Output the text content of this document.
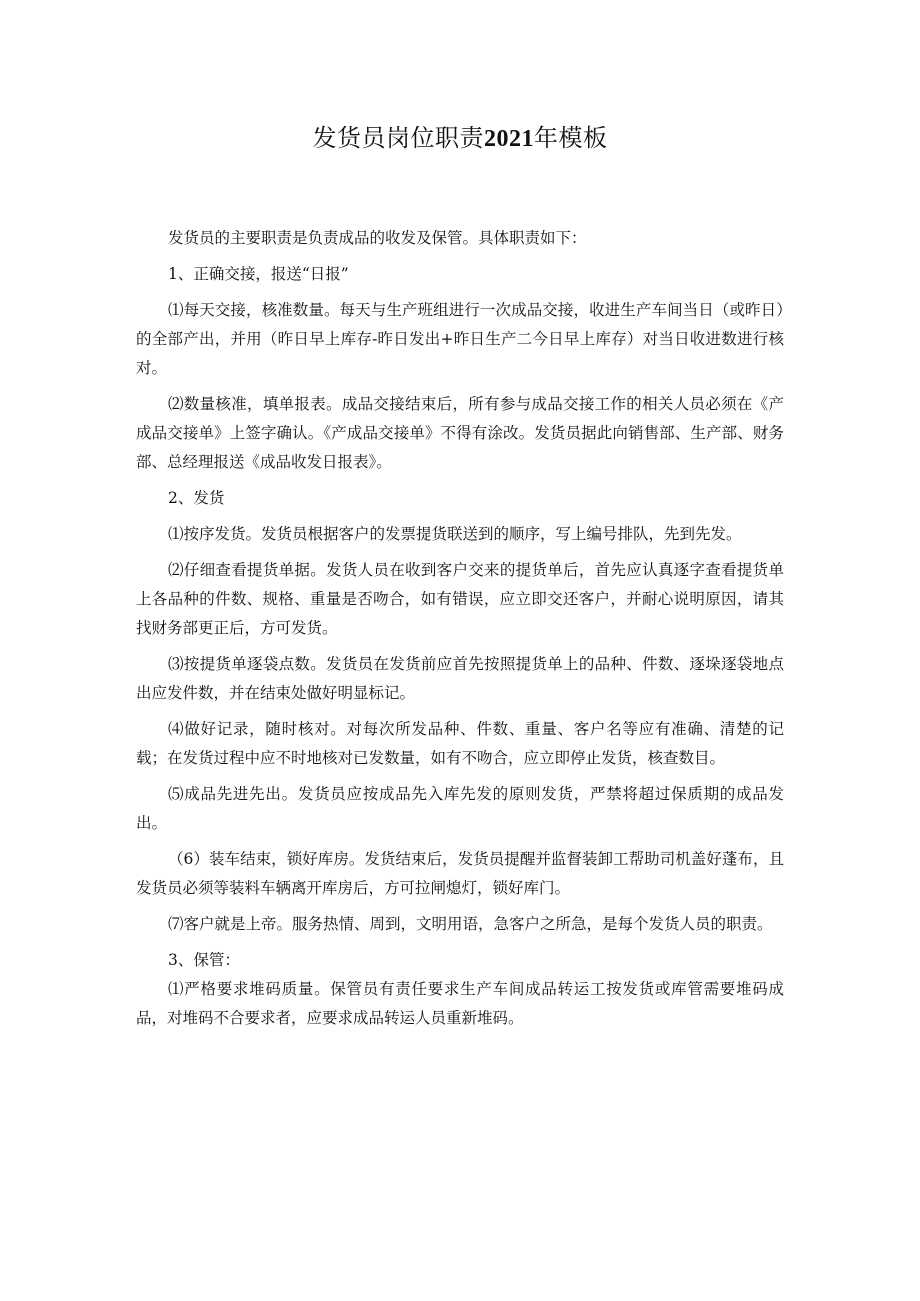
发货员岗位职责2021年模板

发货员的主要职责是负责成品的收发及保管。具体职责如下：

1、正确交接，报送“日报”

⑴每天交接，核准数量。每天与生产班组进行一次成品交接，收进生产车间当日（或昨日）的全部产出，并用（昨日早上库存-昨日发出+昨日生产二今日早上库存）对当日收进数进行核对。

⑵数量核准，填单报表。成品交接结束后，所有参与成品交接工作的相关人员必须在《产成品交接单》上签字确认。《产成品交接单》不得有涂改。发货员据此向销售部、生产部、财务部、总经理报送《成品收发日报表》。

2、发货

⑴按序发货。发货员根据客户的发票提货联送到的顺序，写上编号排队，先到先发。

⑵仔细查看提货单据。发货人员在收到客户交来的提货单后，首先应认真逐字查看提货单上各品种的件数、规格、重量是否吻合，如有错误，应立即交还客户，并耐心说明原因，请其找财务部更正后，方可发货。

⑶按提货单逐袋点数。发货员在发货前应首先按照提货单上的品种、件数、逐垛逐袋地点出应发件数，并在结束处做好明显标记。

⑷做好记录，随时核对。对每次所发品种、件数、重量、客户名等应有准确、清楚的记载；在发货过程中应不时地核对已发数量，如有不吻合，应立即停止发货，核查数目。

⑸成品先进先出。发货员应按成品先入库先发的原则发货，严禁将超过保质期的成品发出。

（6）装车结束，锁好库房。发货结束后，发货员提醒并监督装卸工帮助司机盖好蓬布，且发货员必须等装料车辆离开库房后，方可拉闸熄灯，锁好库门。

⑺客户就是上帝。服务热情、周到，文明用语，急客户之所急，是每个发货人员的职责。

3、保管：

⑴严格要求堆码质量。保管员有责任要求生产车间成品转运工按发货或库管需要堆码成品，对堆码不合要求者，应要求成品转运人员重新堆码。
